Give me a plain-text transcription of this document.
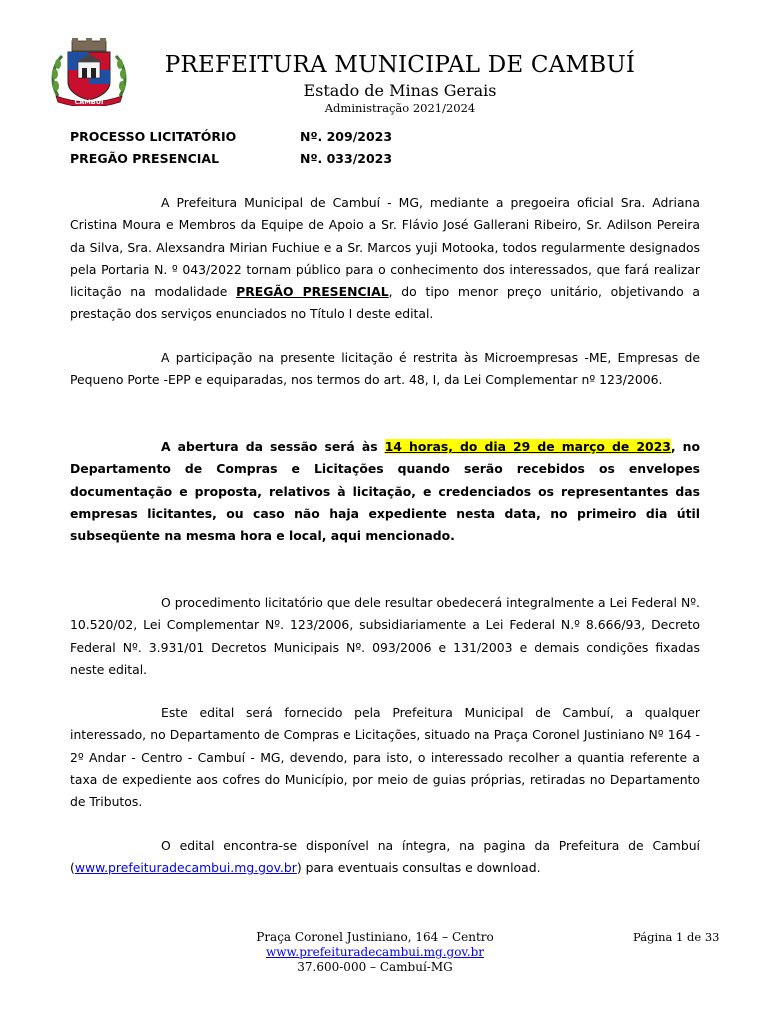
CAMBUÍ
PREFEITURA MUNICIPAL DE CAMBUÍ
Estado de Minas Gerais
Administração 2021/2024
PROCESSO LICITATÓRIO	Nº. 209/2023
PREGÃO PRESENCIAL	Nº. 033/2023

A Prefeitura Municipal de Cambuí - MG, mediante a pregoeira oficial Sra. Adriana Cristina Moura e Membros da Equipe de Apoio a Sr. Flávio José Gallerani Ribeiro, Sr. Adilson Pereira da Silva, Sra. Alexsandra Mirian Fuchiue e a Sr. Marcos yuji Motooka, todos regularmente designados pela Portaria N. º 043/2022 tornam público para o conhecimento dos interessados, que fará realizar licitação na modalidade PREGÃO PRESENCIAL, do tipo menor preço unitário, objetivando a prestação dos serviços enunciados no Título I deste edital.

A participação na presente licitação é restrita às Microempresas -ME, Empresas de Pequeno Porte -EPP e equiparadas, nos termos do art. 48, I, da Lei Complementar nº 123/2006.

A abertura da sessão será às 14 horas, do dia 29 de março de 2023, no Departamento de Compras e Licitações quando serão recebidos os envelopes documentação e proposta, relativos à licitação, e credenciados os representantes das empresas licitantes, ou caso não haja expediente nesta data, no primeiro dia útil subseqüente na mesma hora e local, aqui mencionado.

O procedimento licitatório que dele resultar obedecerá integralmente a Lei Federal Nº. 10.520/02, Lei Complementar Nº. 123/2006, subsidiariamente a Lei Federal N.º 8.666/93, Decreto Federal Nº. 3.931/01 Decretos Municipais Nº. 093/2006 e 131/2003 e demais condições fixadas neste edital.

Este edital será fornecido pela Prefeitura Municipal de Cambuí, a qualquer interessado, no Departamento de Compras e Licitações, situado na Praça Coronel Justiniano Nº 164 - 2º Andar - Centro - Cambuí - MG, devendo, para isto, o interessado recolher a quantia referente a taxa de expediente aos cofres do Município, por meio de guias próprias, retiradas no Departamento de Tributos.

O edital encontra-se disponível na íntegra, na pagina da Prefeitura de Cambuí (www.prefeituradecambui.mg.gov.br) para eventuais consultas e download.

Praça Coronel Justiniano, 164 – Centro
www.prefeituradecambui.mg.gov.br
37.600-000 – Cambuí-MG
Página 1 de 33
